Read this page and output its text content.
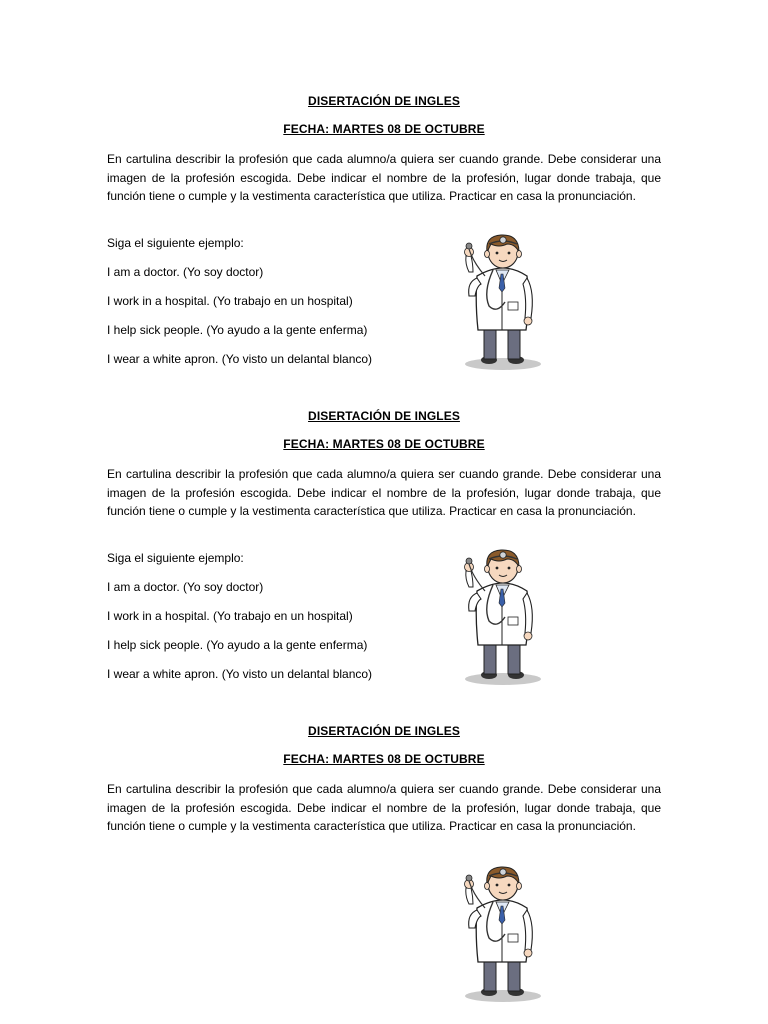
DISERTACIÓN DE INGLES
FECHA: MARTES 08 DE OCTUBRE
En cartulina describir la profesión que cada alumno/a quiera ser cuando grande. Debe considerar una imagen de la profesión escogida. Debe indicar el nombre de la profesión, lugar donde trabaja, que función tiene o cumple y la vestimenta característica que utiliza. Practicar en casa la pronunciación.
Siga el siguiente ejemplo:
I am a doctor. (Yo soy doctor)
I work in a hospital. (Yo trabajo en un hospital)
I help sick people. (Yo ayudo a la gente enferma)
I wear a white apron. (Yo visto un delantal blanco)
DISERTACIÓN DE INGLES
FECHA: MARTES 08 DE OCTUBRE
En cartulina describir la profesión que cada alumno/a quiera ser cuando grande. Debe considerar una imagen de la profesión escogida. Debe indicar el nombre de la profesión, lugar donde trabaja, que función tiene o cumple y la vestimenta característica que utiliza. Practicar en casa la pronunciación.
Siga el siguiente ejemplo:
I am a doctor. (Yo soy doctor)
I work in a hospital. (Yo trabajo en un hospital)
I help sick people. (Yo ayudo a la gente enferma)
I wear a white apron. (Yo visto un delantal blanco)
DISERTACIÓN DE INGLES
FECHA: MARTES 08 DE OCTUBRE
En cartulina describir la profesión que cada alumno/a quiera ser cuando grande. Debe considerar una imagen de la profesión escogida. Debe indicar el nombre de la profesión, lugar donde trabaja, que función tiene o cumple y la vestimenta característica que utiliza. Practicar en casa la pronunciación.
